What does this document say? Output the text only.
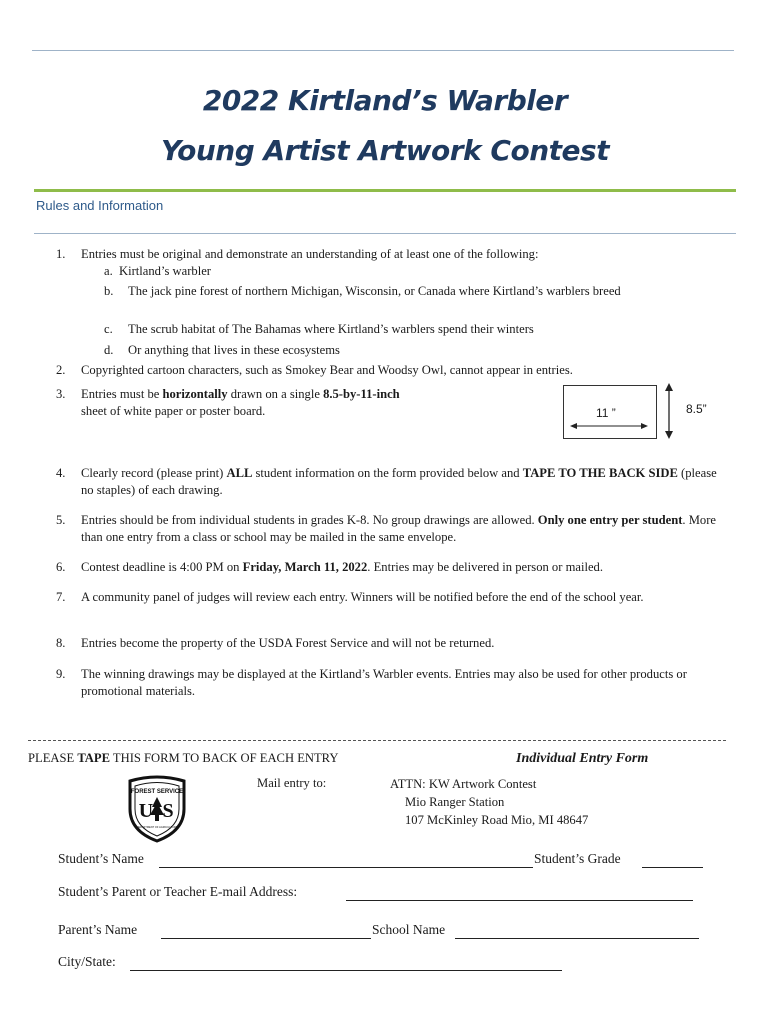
2022 Kirtland’s Warbler
Young Artist Artwork Contest
Rules and Information
1. Entries must be original and demonstrate an understanding of at least one of the following:
a. Kirtland’s warbler
b. The jack pine forest of northern Michigan, Wisconsin, or Canada where Kirtland’s warblers breed
c. The scrub habitat of The Bahamas where Kirtland’s warblers spend their winters
d. Or anything that lives in these ecosystems
2. Copyrighted cartoon characters, such as Smokey Bear and Woodsy Owl, cannot appear in entries.
3. Entries must be horizontally drawn on a single 8.5-by-11-inch
sheet of white paper or poster board.	11 ”	8.5”
4. Clearly record (please print) ALL student information on the form provided below and TAPE TO THE BACK SIDE (please no staples) of each drawing.
5. Entries should be from individual students in grades K-8. No group drawings are allowed. Only one entry per student. More than one entry from a class or school may be mailed in the same envelope.
6. Contest deadline is 4:00 PM on Friday, March 11, 2022. Entries may be delivered in person or mailed.
7. A community panel of judges will review each entry. Winners will be notified before the end of the school year.
8. Entries become the property of the USDA Forest Service and will not be returned.
9. The winning drawings may be displayed at the Kirtland’s Warbler events. Entries may also be used for other products or promotional materials.
PLEASE TAPE THIS FORM TO BACK OF EACH ENTRY	Individual Entry Form
Mail entry to:	ATTN: KW Artwork Contest
Mio Ranger Station
107 McKinley Road Mio, MI 48647
FOREST SERVICE
U S
DEPARTMENT OF AGRICULTURE
Student’s Name	Student’s Grade
Student’s Parent or Teacher E-mail Address:
Parent’s Name	School Name
City/State:
